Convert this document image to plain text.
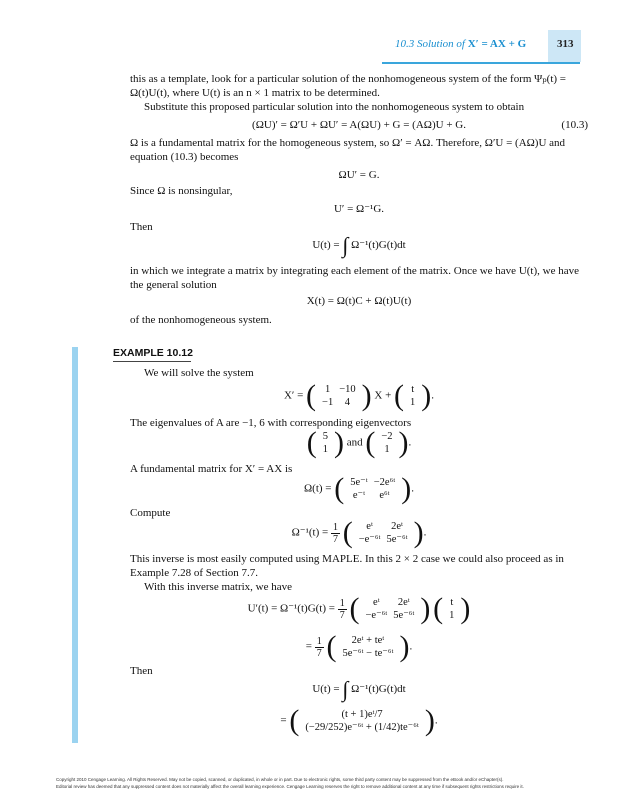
10.3 Solution of X′ = AX + G	313
this as a template, look for a particular solution of the nonhomogeneous system of the form Ψₚ(t) = Ω(t)U(t), where U(t) is an n × 1 matrix to be determined.
Substitute this proposed particular solution into the nonhomogeneous system to obtain
(ΩU)′ = Ω′U + ΩU′ = A(ΩU) + G = (AΩ)U + G.	(10.3)
Ω is a fundamental matrix for the homogeneous system, so Ω′ = AΩ. Therefore, Ω′U = (AΩ)U and equation (10.3) becomes
ΩU′ = G.
Since Ω is nonsingular,
U′ = Ω⁻¹G.
Then
U(t) = ∫ Ω⁻¹(t)G(t)dt
in which we integrate a matrix by integrating each element of the matrix. Once we have U(t), we have the general solution
X(t) = Ω(t)C + Ω(t)U(t)
of the nonhomogeneous system.
EXAMPLE 10.12
We will solve the system
X′ = ( 1	−10
−1	4 ) X + ( t
1 ).
The eigenvalues of A are −1, 6 with corresponding eigenvectors
( 5
1 ) and ( −2
1 ).
A fundamental matrix for X′ = AX is
Ω(t) = ( 5e⁻ᵗ	−2e⁶ᵗ
e⁻ᵗ	e⁶ᵗ ).
Compute
$\Omega^{-1}(t) = \frac{1}{7}$ ( eᵗ	2eᵗ
−e⁻⁶ᵗ	5e⁻⁶ᵗ ).
This inverse is most easily computed using MAPLE. In this 2 × 2 case we could also proceed as in Example 7.28 of Section 7.7.
With this inverse matrix, we have
$U'(t) = \Omega^{-1}(t)G(t) = \frac{1}{7}$ ( eᵗ	2eᵗ
−e⁻⁶ᵗ	5e⁻⁶ᵗ ) ( t
1 )
= $\frac{1}{7}$ ( 2eᵗ + teᵗ
5e⁻⁶ᵗ − te⁻⁶ᵗ ).
Then
U(t) = ∫ Ω⁻¹(t)G(t)dt
= (	(t + 1)eᵗ/7
(−29/252)e⁻⁶ᵗ + (1/42)te⁻⁶ᵗ ).
Copyright 2010 Cengage Learning. All Rights Reserved. May not be copied, scanned, or duplicated, in whole or in part. Due to electronic rights, some third party content may be suppressed from the eBook and/or eChapter(s).
Editorial review has deemed that any suppressed content does not materially affect the overall learning experience. Cengage Learning reserves the right to remove additional content at any time if subsequent rights restrictions require it.
